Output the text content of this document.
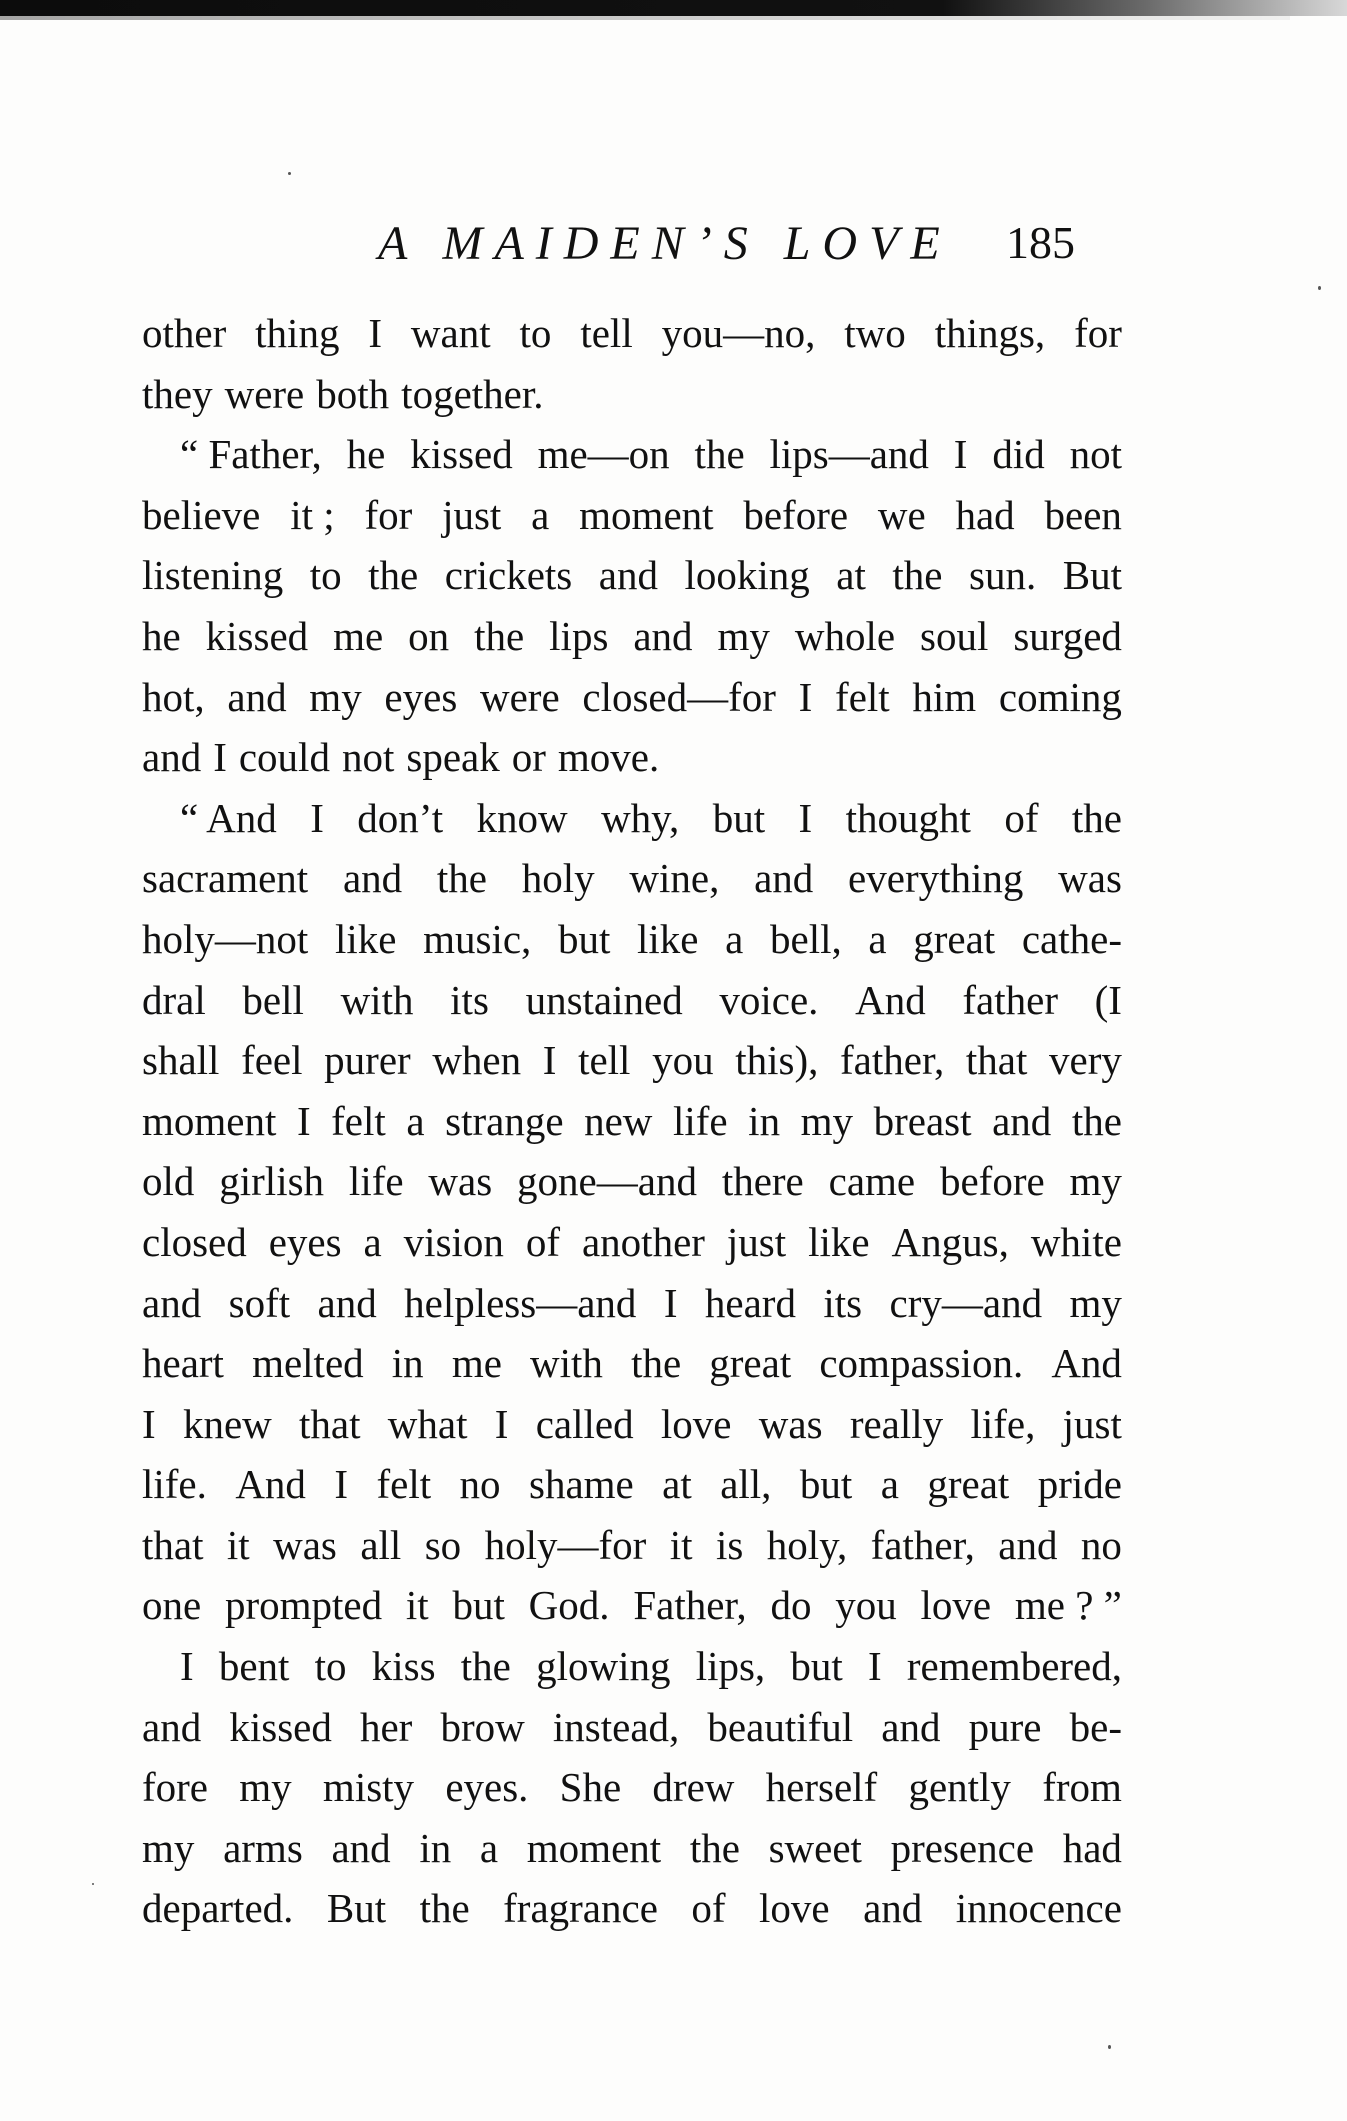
A MAIDEN’S LOVE 185
other thing I want to tell you—no, two things, for
they were both together.
“ Father, he kissed me—on the lips—and I did not
believe it ; for just a moment before we had been
listening to the crickets and looking at the sun. But
he kissed me on the lips and my whole soul surged
hot, and my eyes were closed—for I felt him coming
and I could not speak or move.
“ And I don’t know why, but I thought of the
sacrament and the holy wine, and everything was
holy—not like music, but like a bell, a great cathe-
dral bell with its unstained voice. And father (I
shall feel purer when I tell you this), father, that very
moment I felt a strange new life in my breast and the
old girlish life was gone—and there came before my
closed eyes a vision of another just like Angus, white
and soft and helpless—and I heard its cry—and my
heart melted in me with the great compassion. And
I knew that what I called love was really life, just
life. And I felt no shame at all, but a great pride
that it was all so holy—for it is holy, father, and no
one prompted it but God. Father, do you love me ? ”
I bent to kiss the glowing lips, but I remembered,
and kissed her brow instead, beautiful and pure be-
fore my misty eyes. She drew herself gently from
my arms and in a moment the sweet presence had
departed. But the fragrance of love and innocence
